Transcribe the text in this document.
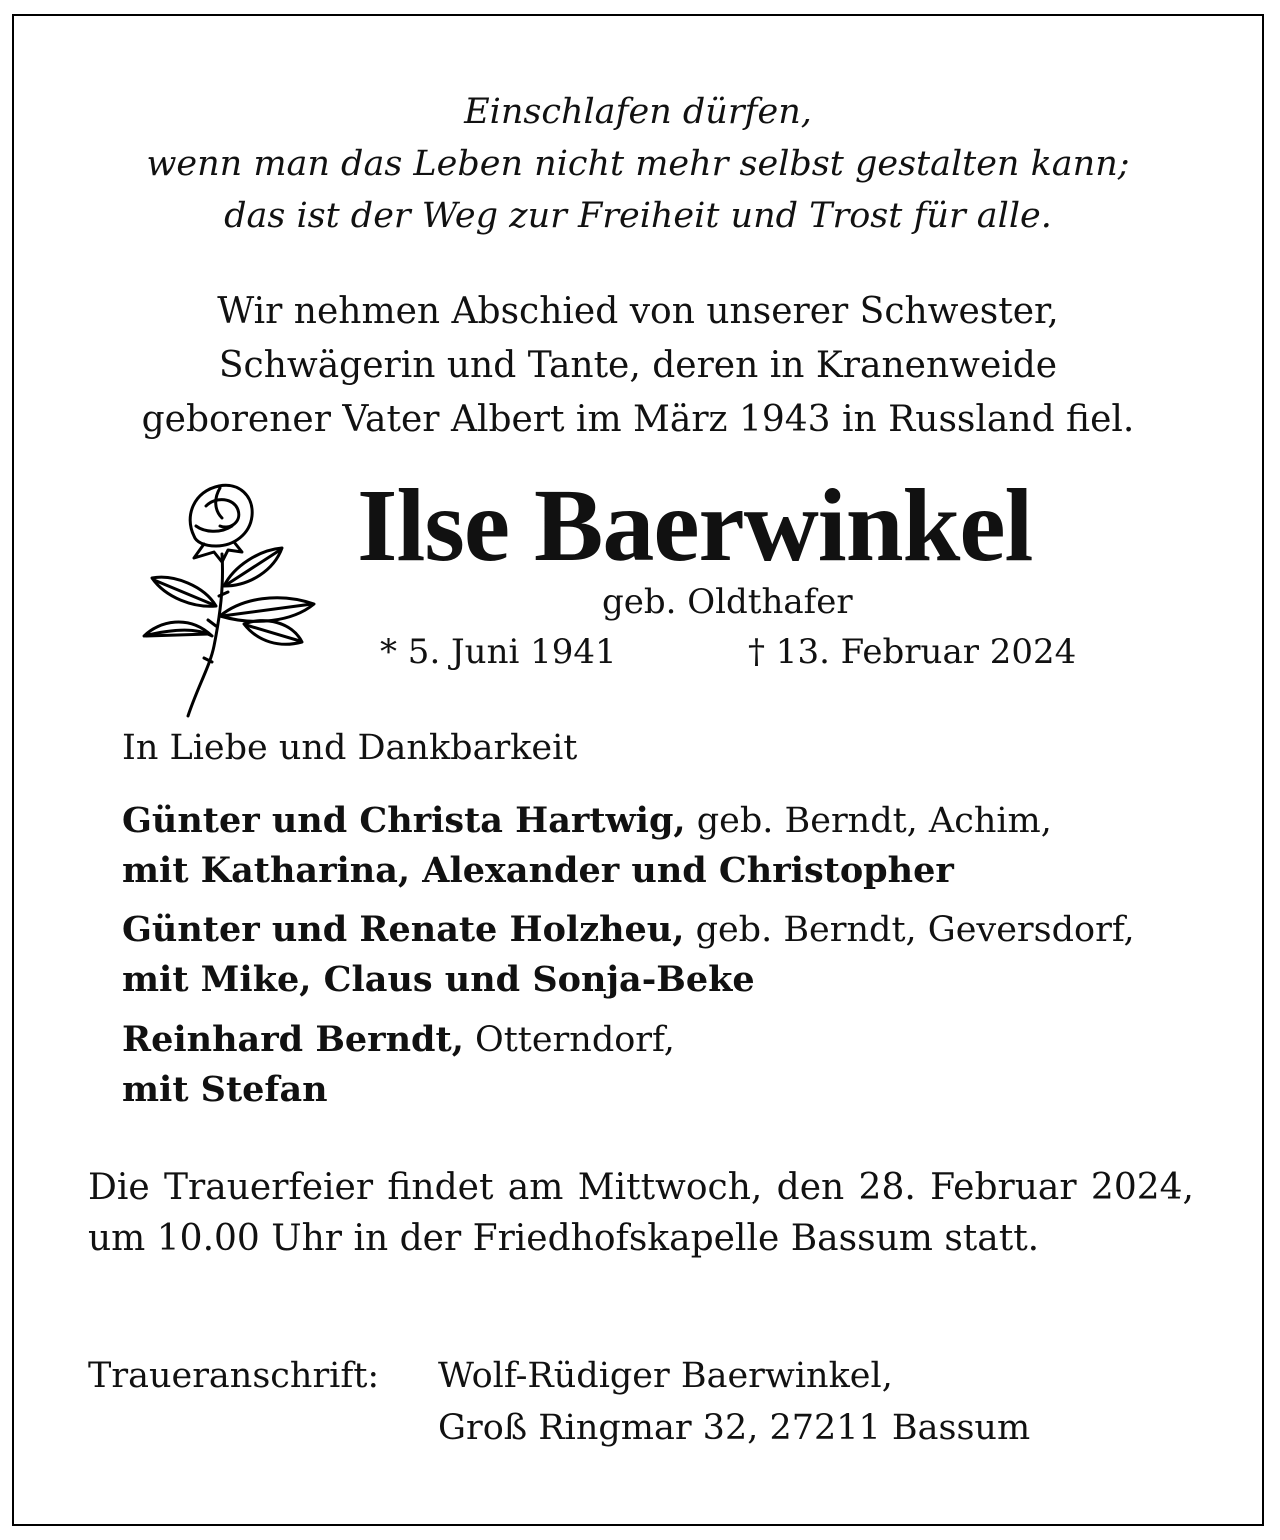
Einschlafen dürfen,
wenn man das Leben nicht mehr selbst gestalten kann;
das ist der Weg zur Freiheit und Trost für alle.
Wir nehmen Abschied von unserer Schwester,
Schwägerin und Tante, deren in Kranenweide
geborener Vater Albert im März 1943 in Russland fiel.
Ilse Baerwinkel
geb. Oldthafer
* 5. Juni 1941	† 13. Februar 2024
In Liebe und Dankbarkeit
Günter und Christa Hartwig, geb. Berndt, Achim,
mit Katharina, Alexander und Christopher
Günter und Renate Holzheu, geb. Berndt, Geversdorf,
mit Mike, Claus und Sonja-Beke
Reinhard Berndt, Otterndorf,
mit Stefan
Die Trauerfeier findet am Mittwoch, den 28. Februar 2024, um 10.00 Uhr in der Friedhofskapelle Bassum statt.
Traueranschrift: Wolf-Rüdiger Baerwinkel,
Groß Ringmar 32, 27211 Bassum
